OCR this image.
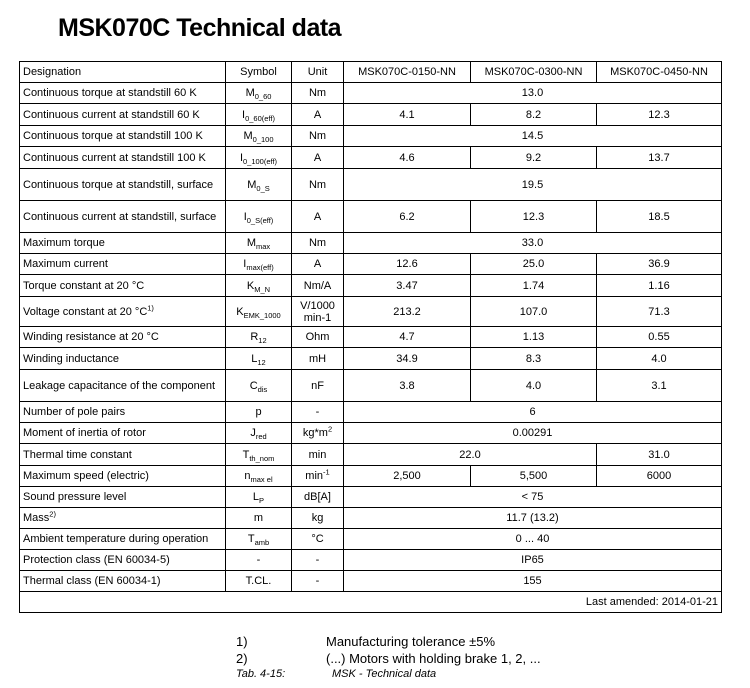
MSK070C Technical data
Designation	Symbol	Unit	MSK070C-0150-NN	MSK070C-0300-NN	MSK070C-0450-NN
Continuous torque at standstill 60 K	$M_{0\_60}$	Nm	13.0		
Continuous current at standstill 60 K	$I_{0\_60(eff)}$	A	4.1	8.2	12.3
Continuous torque at standstill 100 K	$M_{0\_100}$	Nm	14.5		
Continuous current at standstill 100 K	$I_{0\_100(eff)}$	A	4.6	9.2	13.7
Continuous torque at standstill, surface	$M_{0\_S}$	Nm	19.5		
Continuous current at standstill, surface	$I_{0\_S(eff)}$	A	6.2	12.3	18.5
Maximum torque	$M_{max}$	Nm	33.0		
Maximum current	$I_{max(eff)}$	A	12.6	25.0	36.9
Torque constant at 20 °C	$K_{M\_N}$	Nm/A	3.47	1.74	1.16
Voltage constant at 20 $^\circ C^{1)}$	$K_{EMK\_1000}$	V/1000 min-1	213.2	107.0	71.3
Winding resistance at 20 °C	$R_{12}$	Ohm	4.7	1.13	0.55
Winding inductance	$L_{12}$	mH	34.9	8.3	4.0
Leakage capacitance of the component	$C_{dis}$	nF	3.8	4.0	3.1
Number of pole pairs	p	-	6		
Moment of inertia of rotor	$J_{red}$	$kg*m^2$	0.00291		
Thermal time constant	$T_{th\_nom}$	min	22.0		31.0
Maximum speed (electric)	$n_{max el}$	$\min^{-1}$	2,500	5,500	6000
Sound pressure level	$L_P$	dB[A]	< 75		
Mass$^{2)}$	m	kg	11.7 (13.2)		
Ambient temperature during operation	$T_{amb}$	°C	0 ... 40		
Protection class (EN 60034-5)	-	-	IP65		
Thermal class (EN 60034-1)	T.CL.	-	155		
Last amended: 2014-01-21					
1)	Manufacturing tolerance ±5%
2)	(...) Motors with holding brake 1, 2, ...
Tab. 4-15:	MSK - Technical data
